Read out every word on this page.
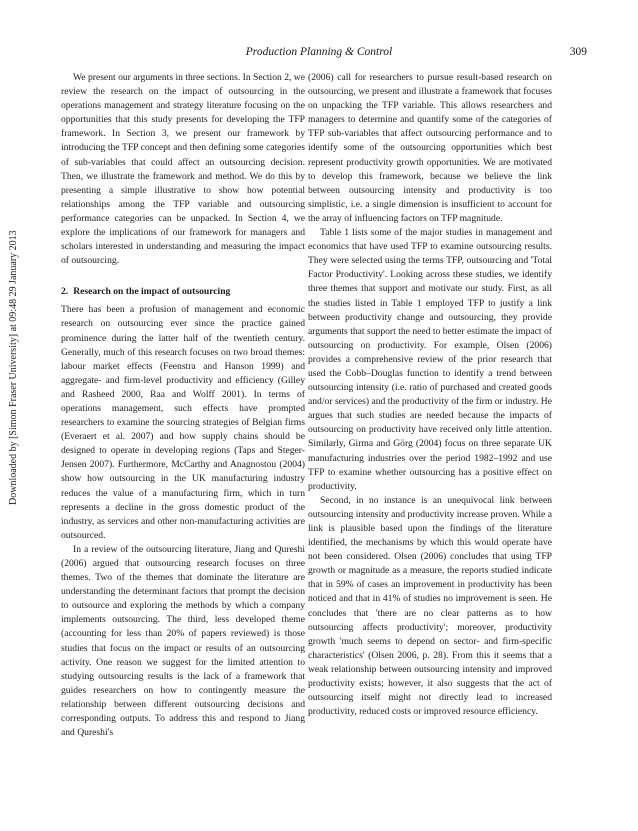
Production Planning & Control	309
Downloaded by [Simon Fraser University] at 09:48 29 January 2013

We present our arguments in three sections. In Section 2, we review the research on the impact of outsourcing in the operations management and strategy literature focusing on the opportunities that this study presents for developing the TFP framework. In Section 3, we present our framework by introducing the TFP concept and then defining some categories of sub-variables that could affect an outsourcing decision. Then, we illustrate the framework and method. We do this by presenting a simple illustrative to show how potential relationships among the TFP variable and outsourcing performance categories can be unpacked. In Section 4, we explore the implications of our framework for managers and scholars interested in understanding and measuring the impact of outsourcing.

2. Research on the impact of outsourcing

There has been a profusion of management and economic research on outsourcing ever since the practice gained prominence during the latter half of the twentieth century. Generally, much of this research focuses on two broad themes: labour market effects (Feenstra and Hanson 1999) and aggregate- and firm-level productivity and efficiency (Gilley and Rasheed 2000, Raa and Wolff 2001). In terms of operations management, such effects have prompted researchers to examine the sourcing strategies of Belgian firms (Everaert et al. 2007) and how supply chains should be designed to operate in developing regions (Taps and Steger-Jensen 2007). Furthermore, McCarthy and Anagnostou (2004) show how outsourcing in the UK manufacturing industry reduces the value of a manufacturing firm, which in turn represents a decline in the gross domestic product of the industry, as services and other non-manufacturing activities are outsourced.

In a review of the outsourcing literature, Jiang and Qureshi (2006) argued that outsourcing research focuses on three themes. Two of the themes that dominate the literature are understanding the determinant factors that prompt the decision to outsource and exploring the methods by which a company implements outsourcing. The third, less developed theme (accounting for less than 20% of papers reviewed) is those studies that focus on the impact or results of an outsourcing activity. One reason we suggest for the limited attention to studying outsourcing results is the lack of a framework that guides researchers on how to contingently measure the relationship between different outsourcing decisions and corresponding outputs. To address this and respond to Jiang and Qureshi's

(2006) call for researchers to pursue result-based research on outsourcing, we present and illustrate a framework that focuses on unpacking the TFP variable. This allows researchers and managers to determine and quantify some of the categories of TFP sub-variables that affect outsourcing performance and to identify some of the outsourcing opportunities which best represent productivity growth opportunities. We are motivated to develop this framework, because we believe the link between outsourcing intensity and productivity is too simplistic, i.e. a single dimension is insufficient to account for the array of influencing factors on TFP magnitude.

Table 1 lists some of the major studies in management and economics that have used TFP to examine outsourcing results. They were selected using the terms TFP, outsourcing and 'Total Factor Productivity'. Looking across these studies, we identify three themes that support and motivate our study. First, as all the studies listed in Table 1 employed TFP to justify a link between productivity change and outsourcing, they provide arguments that support the need to better estimate the impact of outsourcing on productivity. For example, Olsen (2006) provides a comprehensive review of the prior research that used the Cobb–Douglas function to identify a trend between outsourcing intensity (i.e. ratio of purchased and created goods and/or services) and the productivity of the firm or industry. He argues that such studies are needed because the impacts of outsourcing on productivity have received only little attention. Similarly, Girma and Görg (2004) focus on three separate UK manufacturing industries over the period 1982–1992 and use TFP to examine whether outsourcing has a positive effect on productivity.

Second, in no instance is an unequivocal link between outsourcing intensity and productivity increase proven. While a link is plausible based upon the findings of the literature identified, the mechanisms by which this would operate have not been considered. Olsen (2006) concludes that using TFP growth or magnitude as a measure, the reports studied indicate that in 59% of cases an improvement in productivity has been noticed and that in 41% of studies no improvement is seen. He concludes that 'there are no clear patterns as to how outsourcing affects productivity'; moreover, productivity growth 'much seems to depend on sector- and firm-specific characteristics' (Olsen 2006, p. 28). From this it seems that a weak relationship between outsourcing intensity and improved productivity exists; however, it also suggests that the act of outsourcing itself might not directly lead to increased productivity, reduced costs or improved resource efficiency.
